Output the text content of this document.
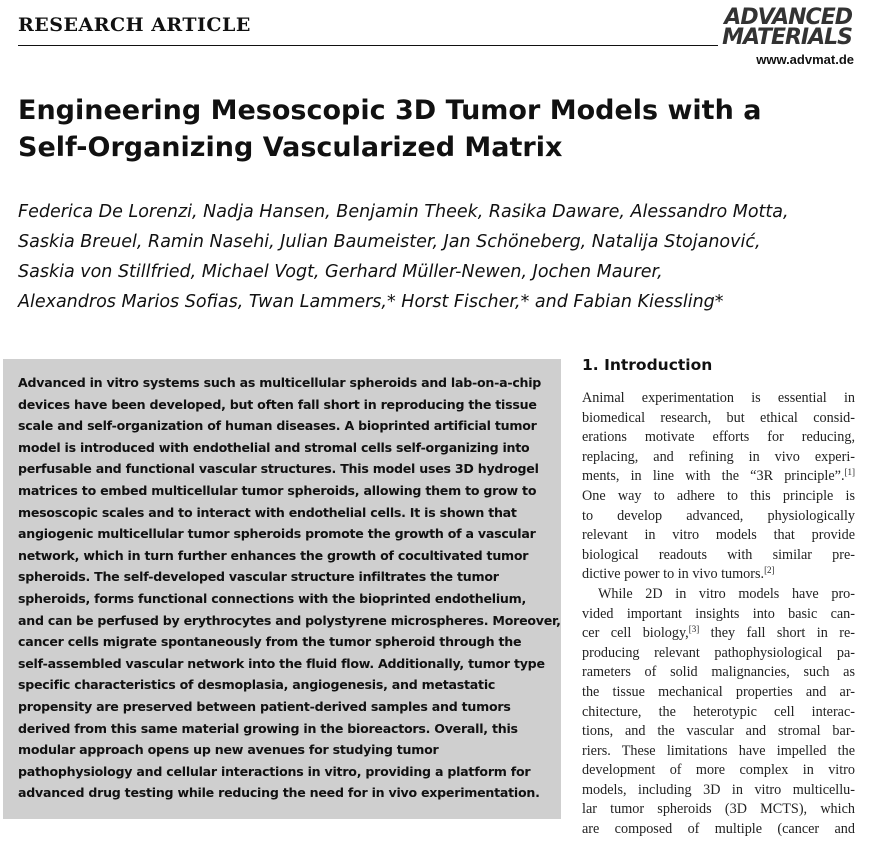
RESEARCH ARTICLE	ADVANCED
MATERIALS
www.advmat.de
Engineering Mesoscopic 3D Tumor Models with a
Self-Organizing Vascularized Matrix
Federica De Lorenzi, Nadja Hansen, Benjamin Theek, Rasika Daware, Alessandro Motta,
Saskia Breuel, Ramin Nasehi, Julian Baumeister, Jan Schöneberg, Natalija Stojanović,
Saskia von Stillfried, Michael Vogt, Gerhard Müller-Newen, Jochen Maurer,
Alexandros Marios Sofias, Twan Lammers,* Horst Fischer,* and Fabian Kiessling*
Advanced in vitro systems such as multicellular spheroids and lab-on-a-chip
devices have been developed, but often fall short in reproducing the tissue
scale and self-organization of human diseases. A bioprinted artificial tumor
model is introduced with endothelial and stromal cells self-organizing into
perfusable and functional vascular structures. This model uses 3D hydrogel
matrices to embed multicellular tumor spheroids, allowing them to grow to
mesoscopic scales and to interact with endothelial cells. It is shown that
angiogenic multicellular tumor spheroids promote the growth of a vascular
network, which in turn further enhances the growth of cocultivated tumor
spheroids. The self-developed vascular structure infiltrates the tumor
spheroids, forms functional connections with the bioprinted endothelium,
and can be perfused by erythrocytes and polystyrene microspheres. Moreover,
cancer cells migrate spontaneously from the tumor spheroid through the
self-assembled vascular network into the fluid flow. Additionally, tumor type
specific characteristics of desmoplasia, angiogenesis, and metastatic
propensity are preserved between patient-derived samples and tumors
derived from this same material growing in the bioreactors. Overall, this
modular approach opens up new avenues for studying tumor
pathophysiology and cellular interactions in vitro, providing a platform for
advanced drug testing while reducing the need for in vivo experimentation.
1. Introduction
Animal experimentation is essential in
biomedical research, but ethical consid-
erations motivate efforts for reducing,
replacing, and refining in vivo experi-
ments, in line with the “3R principle”.[1]
One way to adhere to this principle is
to develop advanced, physiologically
relevant in vitro models that provide
biological readouts with similar pre-
dictive power to in vivo tumors.[2]
While 2D in vitro models have pro-
vided important insights into basic can-
cer cell biology,[3] they fall short in re-
producing relevant pathophysiological pa-
rameters of solid malignancies, such as
the tissue mechanical properties and ar-
chitecture, the heterotypic cell interac-
tions, and the vascular and stromal bar-
riers. These limitations have impelled the
development of more complex in vitro
models, including 3D in vitro multicellu-
lar tumor spheroids (3D MCTS), which
are composed of multiple (cancer and
